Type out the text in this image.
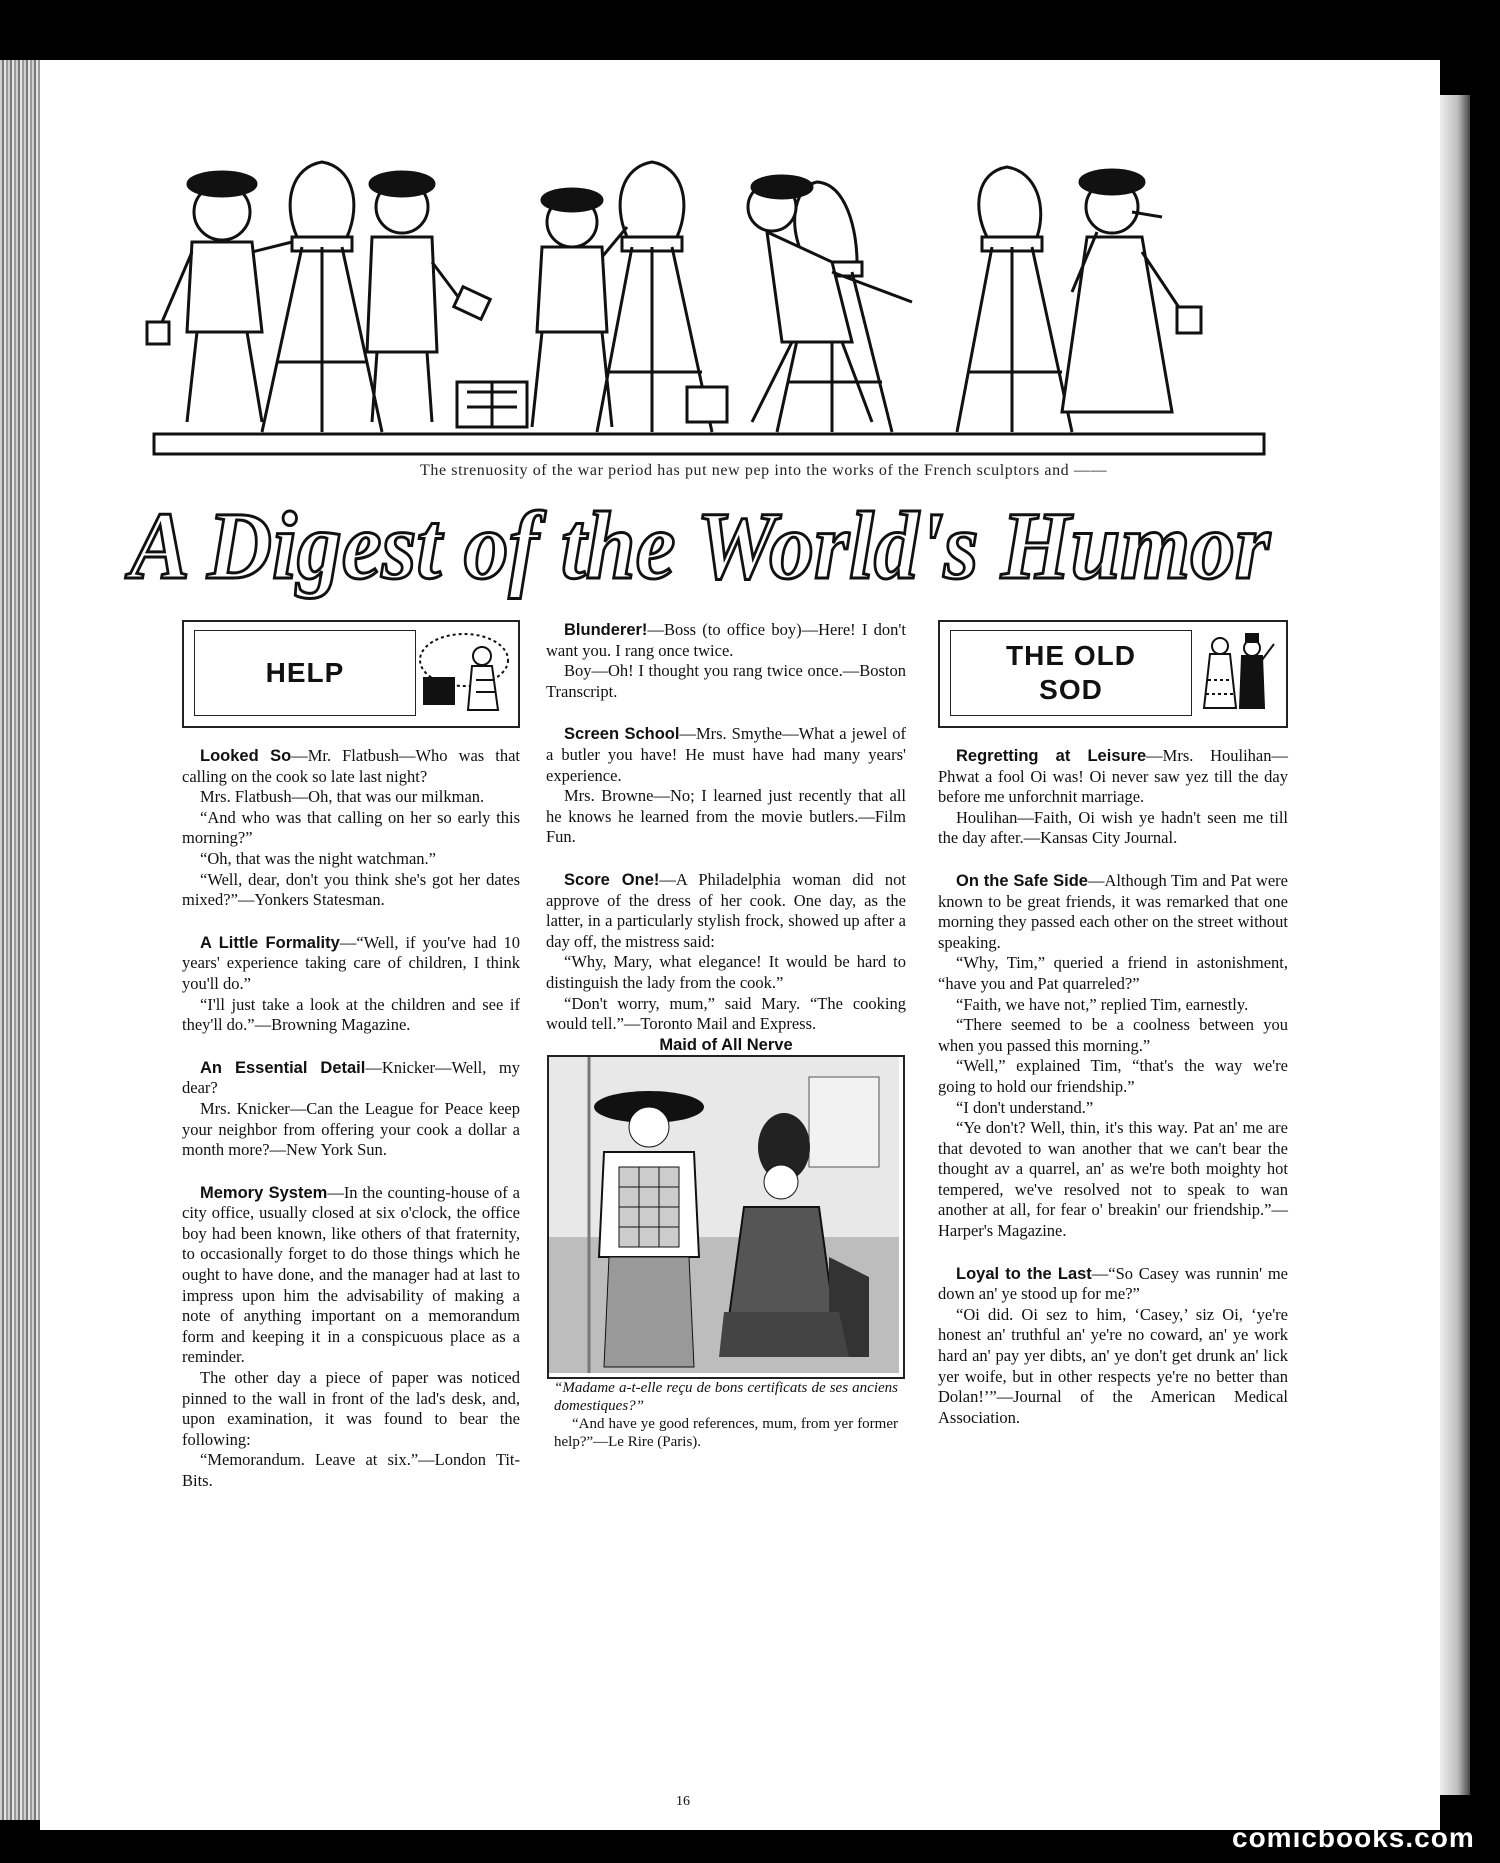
The strenuosity of the war period has put new pep into the works of the French sculptors and ——
A Digest of the World's Humor
HELP

Looked So—Mr. Flatbush—Who was that calling on the cook so late last night?

Mrs. Flatbush—Oh, that was our milkman.

“And who was that calling on her so early this morning?”

“Oh, that was the night watchman.”

“Well, dear, don't you think she's got her dates mixed?”—Yonkers Statesman.

A Little Formality—“Well, if you've had 10 years' experience taking care of children, I think you'll do.”

“I'll just take a look at the children and see if they'll do.”—Browning Magazine.

An Essential Detail—Knicker—Well, my dear?

Mrs. Knicker—Can the League for Peace keep your neighbor from offering your cook a dollar a month more?—New York Sun.

Memory System—In the counting-house of a city office, usually closed at six o'clock, the office boy had been known, like others of that fraternity, to occasionally forget to do those things which he ought to have done, and the manager had at last to impress upon him the advisability of making a note of anything important on a memorandum form and keeping it in a conspicuous place as a reminder.

The other day a piece of paper was noticed pinned to the wall in front of the lad's desk, and, upon examination, it was found to bear the following:

“Memorandum. Leave at six.”—London Tit-Bits.

Blunderer!—Boss (to office boy)—Here! I don't want you. I rang once twice.

Boy—Oh! I thought you rang twice once.—Boston Transcript.

Screen School—Mrs. Smythe—What a jewel of a butler you have! He must have had many years' experience.

Mrs. Browne—No; I learned just recently that all he knows he learned from the movie butlers.—Film Fun.

Score One!—A Philadelphia woman did not approve of the dress of her cook. One day, as the latter, in a particularly stylish frock, showed up after a day off, the mistress said:

“Why, Mary, what elegance! It would be hard to distinguish the lady from the cook.”

“Don't worry, mum,” said Mary. “The cooking would tell.”—Toronto Mail and Express.

Maid of All Nerve

“Madame a-t-elle reçu de bons certificats de ses anciens domestiques?”

“And have ye good references, mum, from yer former help?”—Le Rire (Paris).

THE OLD
SOD

Regretting at Leisure—Mrs. Houlihan—Phwat a fool Oi was! Oi never saw yez till the day before me unforchnit marriage.

Houlihan—Faith, Oi wish ye hadn't seen me till the day after.—Kansas City Journal.

On the Safe Side—Although Tim and Pat were known to be great friends, it was remarked that one morning they passed each other on the street without speaking.

“Why, Tim,” queried a friend in astonishment, “have you and Pat quarreled?”

“Faith, we have not,” replied Tim, earnestly.

“There seemed to be a coolness between you when you passed this morning.”

“Well,” explained Tim, “that's the way we're going to hold our friendship.”

“I don't understand.”

“Ye don't? Well, thin, it's this way. Pat an' me are that devoted to wan another that we can't bear the thought av a quarrel, an' as we're both moighty hot tempered, we've resolved not to speak to wan another at all, for fear o' breakin' our friendship.”—Harper's Magazine.

Loyal to the Last—“So Casey was runnin' me down an' ye stood up for me?”

“Oi did. Oi sez to him, ‘Casey,’ siz Oi, ‘ye're honest an' truthful an' ye're no coward, an' ye work hard an' pay yer dibts, an' ye don't get drunk an' lick yer woife, but in other respects ye're no better than Dolan!’”—Journal of the American Medical Association.

16
comicbooks.com
